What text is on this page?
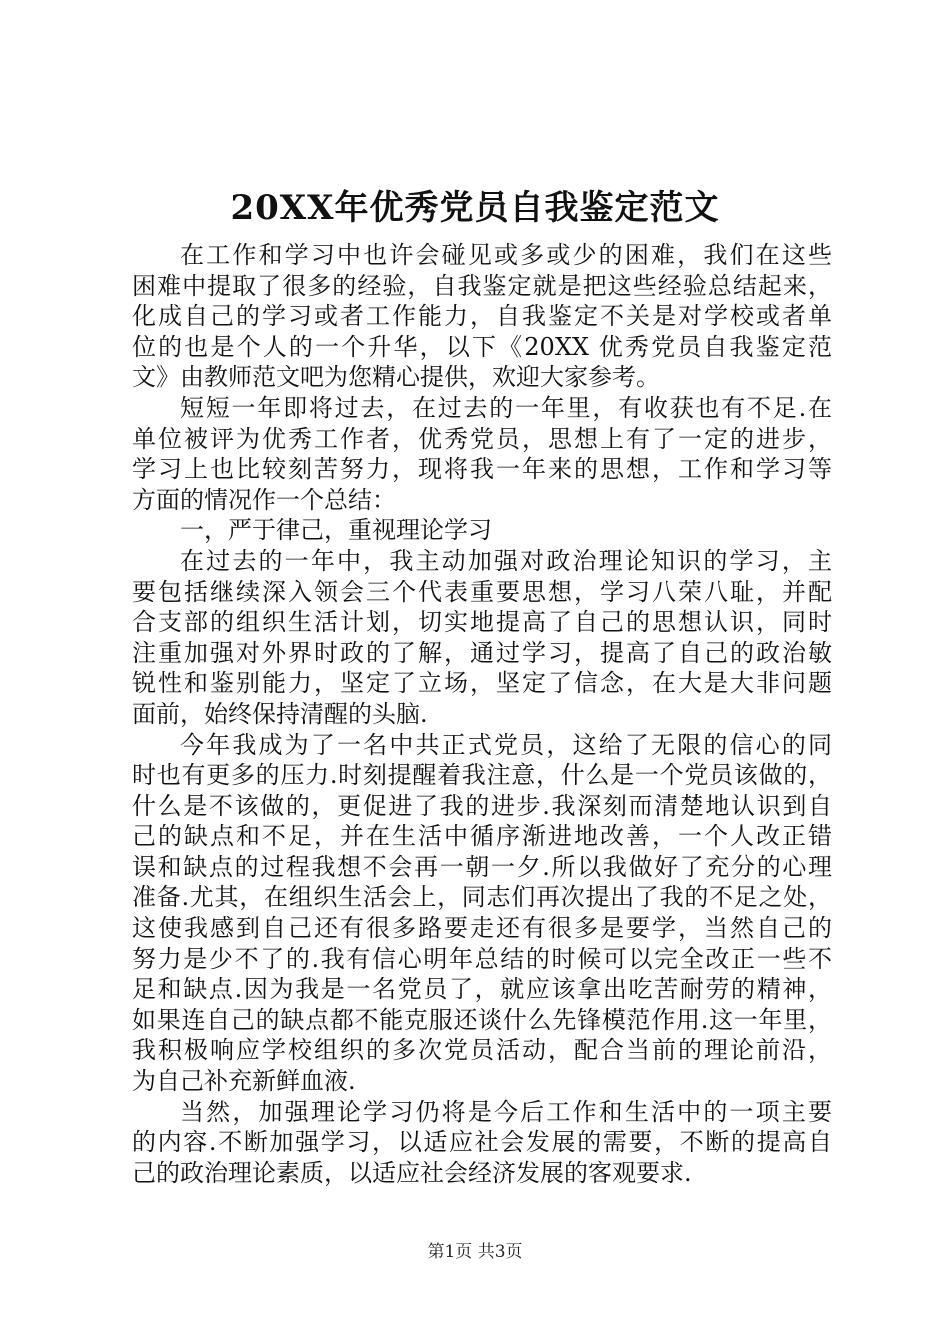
20XX年优秀党员自我鉴定范文
在工作和学习中也许会碰见或多或少的困难，我们在这些
困难中提取了很多的经验，自我鉴定就是把这些经验总结起来，
化成自己的学习或者工作能力，自我鉴定不关是对学校或者单
位的也是个人的一个升华，以下《20XX 优秀党员自我鉴定范
文》由教师范文吧为您精心提供，欢迎大家参考。
短短一年即将过去，在过去的一年里，有收获也有不足.在
单位被评为优秀工作者，优秀党员，思想上有了一定的进步，
学习上也比较刻苦努力，现将我一年来的思想，工作和学习等
方面的情况作一个总结：
一，严于律己，重视理论学习
在过去的一年中，我主动加强对政治理论知识的学习，主
要包括继续深入领会三个代表重要思想，学习八荣八耻，并配
合支部的组织生活计划，切实地提高了自己的思想认识，同时
注重加强对外界时政的了解，通过学习，提高了自己的政治敏
锐性和鉴别能力，坚定了立场，坚定了信念，在大是大非问题
面前，始终保持清醒的头脑.
今年我成为了一名中共正式党员，这给了无限的信心的同
时也有更多的压力.时刻提醒着我注意，什么是一个党员该做的，
什么是不该做的，更促进了我的进步.我深刻而清楚地认识到自
己的缺点和不足，并在生活中循序渐进地改善，一个人改正错
误和缺点的过程我想不会再一朝一夕.所以我做好了充分的心理
准备.尤其，在组织生活会上，同志们再次提出了我的不足之处，
这使我感到自己还有很多路要走还有很多是要学，当然自己的
努力是少不了的.我有信心明年总结的时候可以完全改正一些不
足和缺点.因为我是一名党员了，就应该拿出吃苦耐劳的精神，
如果连自己的缺点都不能克服还谈什么先锋模范作用.这一年里，
我积极响应学校组织的多次党员活动，配合当前的理论前沿，
为自己补充新鲜血液.
当然，加强理论学习仍将是今后工作和生活中的一项主要
的内容.不断加强学习，以适应社会发展的需要，不断的提高自
己的政治理论素质，以适应社会经济发展的客观要求.
第1页 共3页
